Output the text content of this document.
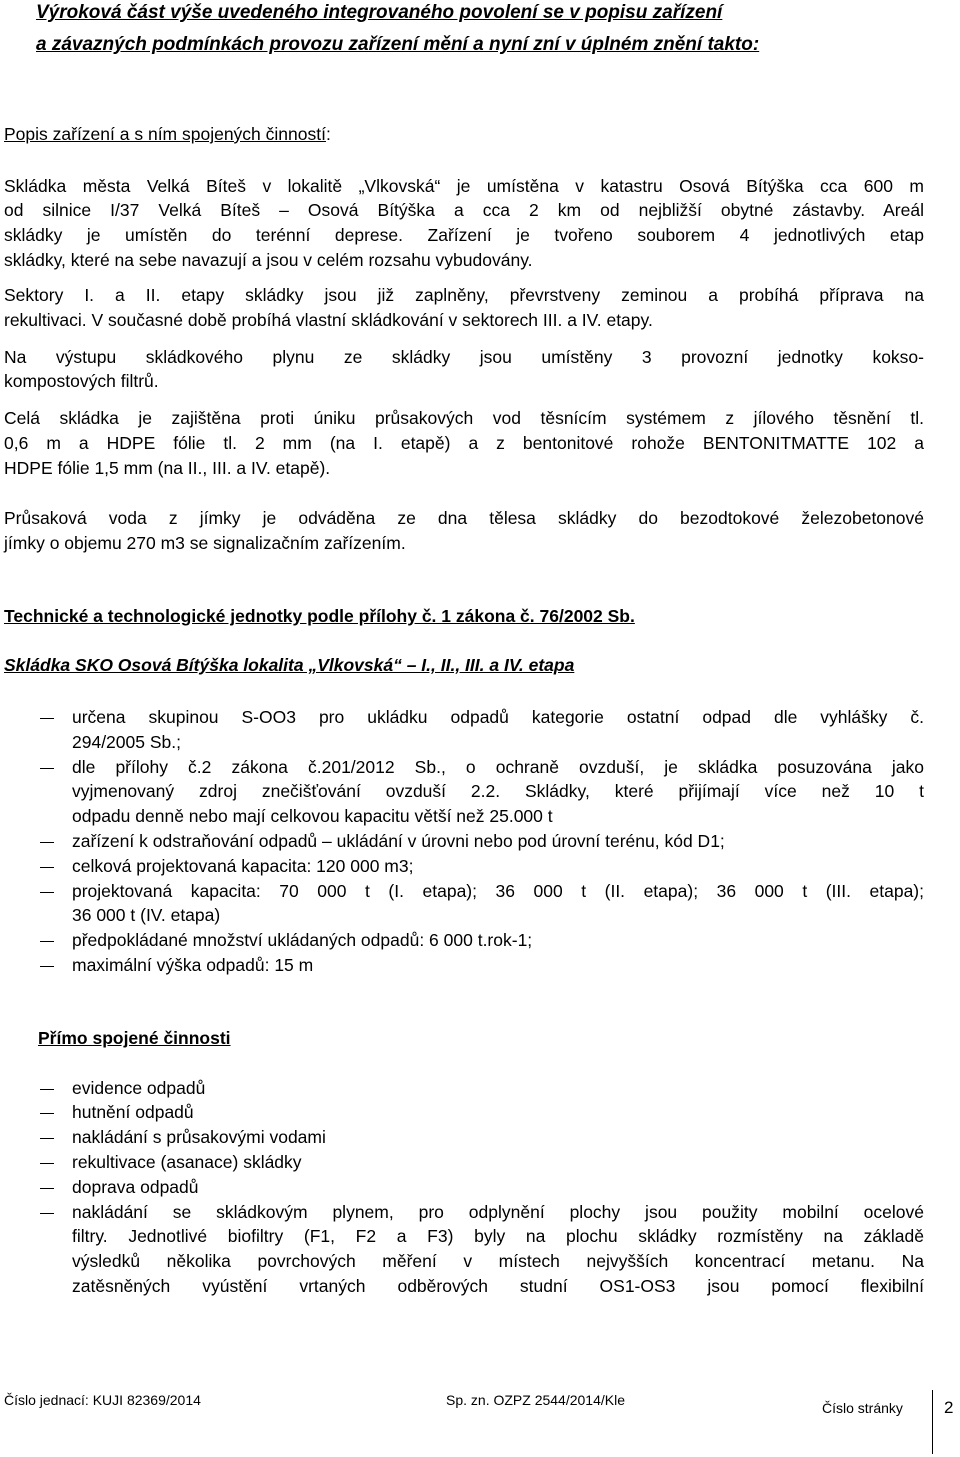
Výroková část výše uvedeného integrovaného povolení se v popisu zařízení
a závazných podmínkách provozu zařízení mění a nyní zní v úplném znění takto:
Popis zařízení a s ním spojených činností:
Skládka města Velká Bíteš v lokalitě „Vlkovská“ je umístěna v katastru Osová Bítýška cca 600 m
od silnice I/37 Velká Bíteš – Osová Bítýška a cca 2 km od nejbližší obytné zástavby. Areál
skládky je umístěn do terénní deprese. Zařízení je tvořeno souborem 4 jednotlivých etap
skládky, které na sebe navazují a jsou v celém rozsahu vybudovány.
Sektory I. a II. etapy skládky jsou již zaplněny, převrstveny zeminou a probíhá příprava na
rekultivaci. V současné době probíhá vlastní skládkování v sektorech III. a IV. etapy.
Na výstupu skládkového plynu ze skládky jsou umístěny 3 provozní jednotky kokso-
kompostových filtrů.
Celá skládka je zajištěna proti úniku průsakových vod těsnícím systémem z jílového těsnění tl.
0,6 m a HDPE fólie tl. 2 mm (na I. etapě) a z bentonitové rohože BENTONITMATTE 102 a
HDPE fólie 1,5 mm (na II., III. a IV. etapě).
Průsaková voda z jímky je odváděna ze dna tělesa skládky do bezodtokové železobetonové
jímky o objemu 270 m3 se signalizačním zařízením.
Technické a technologické jednotky podle přílohy č. 1 zákona č. 76/2002 Sb.
Skládka SKO Osová Bítýška lokalita „Vlkovská“ – I., II., III. a IV. etapa
určena skupinou S-OO3 pro ukládku odpadů kategorie ostatní odpad dle vyhlášky č.
294/2005 Sb.;
dle přílohy č.2 zákona č.201/2012 Sb., o ochraně ovzduší, je skládka posuzována jako
vyjmenovaný zdroj znečišťování ovzduší 2.2. Skládky, které přijímají více než 10 t
odpadu denně nebo mají celkovou kapacitu větší než 25.000 t
zařízení k odstraňování odpadů – ukládání v úrovni nebo pod úrovní terénu, kód D1;
celková projektovaná kapacita: 120 000 m3;
projektovaná kapacita: 70 000 t (I. etapa); 36 000 t (II. etapa); 36 000 t (III. etapa);
36 000 t (IV. etapa)
předpokládané množství ukládaných odpadů: 6 000 t.rok-1;
maximální výška odpadů: 15 m
Přímo spojené činnosti
evidence odpadů
hutnění odpadů
nakládání s průsakovými vodami
rekultivace (asanace) skládky
doprava odpadů
nakládání se skládkovým plynem, pro odplynění plochy jsou použity mobilní ocelové
filtry. Jednotlivé biofiltry (F1, F2 a F3) byly na plochu skládky rozmístěny na základě
výsledků několika povrchových měření v místech nejvyšších koncentrací metanu. Na
zatěsněných vyústění vrtaných odběrových studní OS1-OS3 jsou pomocí flexibilní
Číslo jednací: KUJI 82369/2014	Sp. zn. OZPZ 2544/2014/Kle	Číslo stránky 2
